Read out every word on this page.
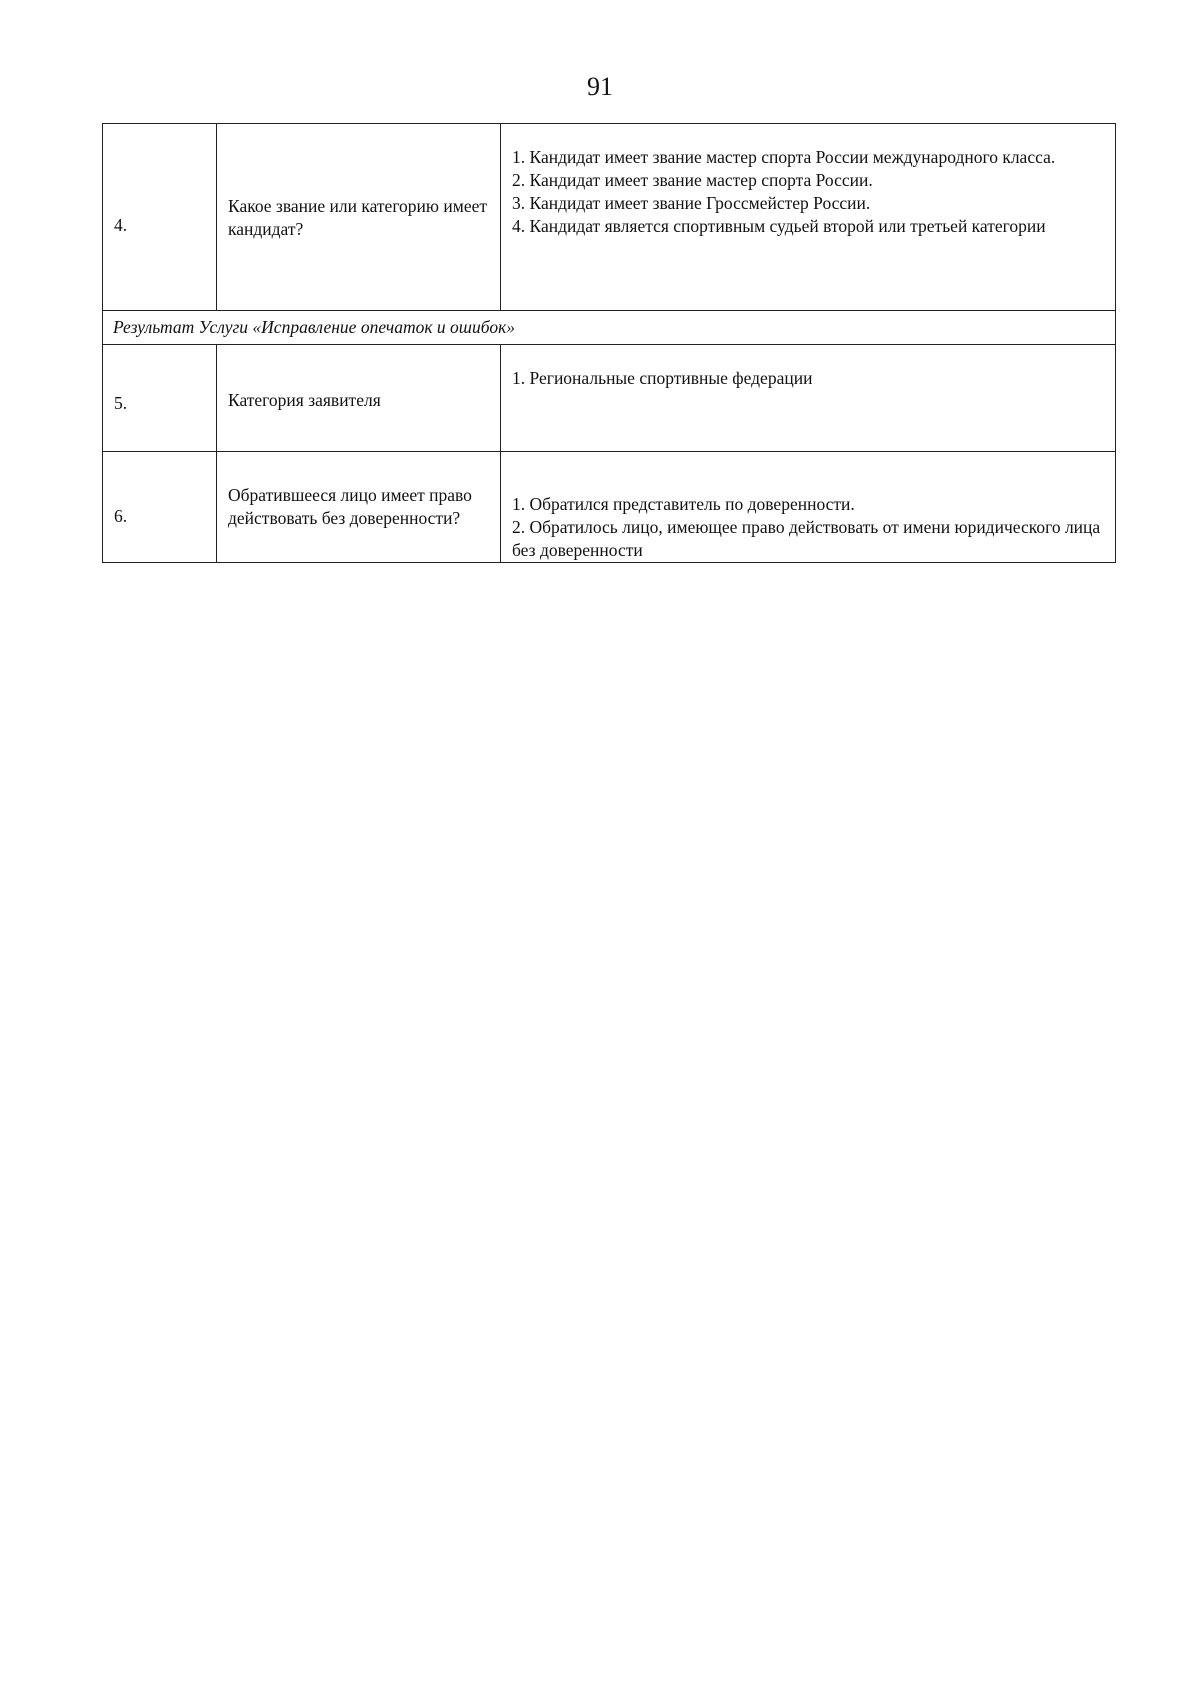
91
4.	Какое звание или категорию имеет кандидат?	1. Кандидат имеет звание мастер спорта России международного класса.
2. Кандидат имеет звание мастер спорта России.
3. Кандидат имеет звание Гроссмейстер России.
4. Кандидат является спортивным судьей второй или третьей категории

Результат Услуги «Исправление опечаток и ошибок»		
5.	Категория заявителя	1. Региональные спортивные федерации

6.	Обратившееся лицо имеет право действовать без доверенности?	1. Обратился представитель по доверенности.
2. Обратилось лицо, имеющее право действовать от имени юридического лица без доверенности
